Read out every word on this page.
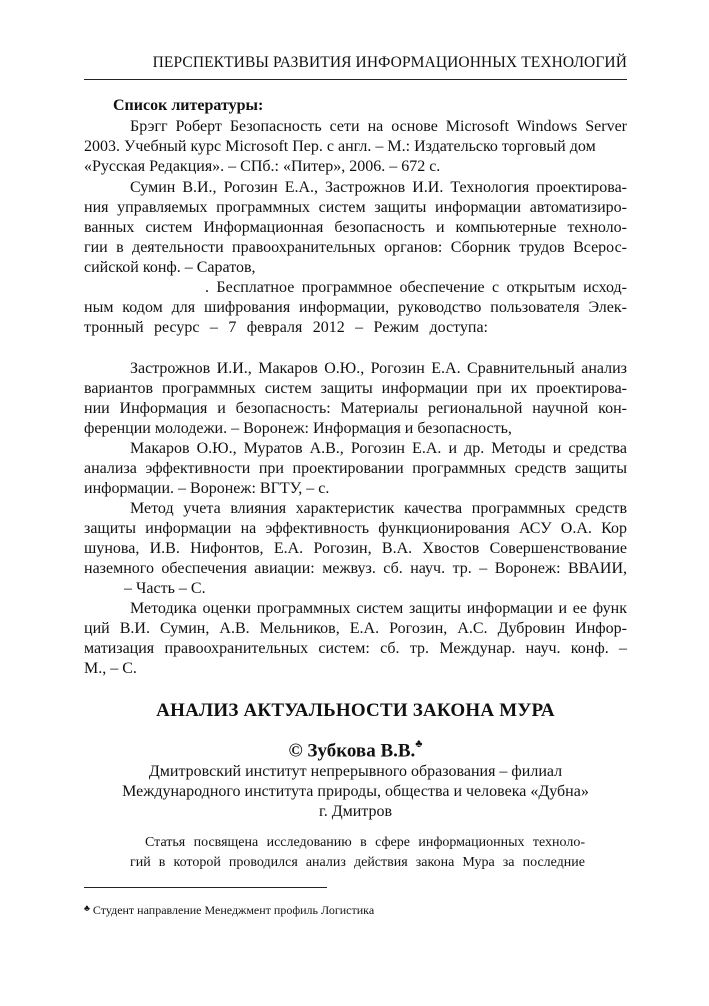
ПЕРСПЕКТИВЫ РАЗВИТИЯ ИНФОРМАЦИОННЫХ ТЕХНОЛОГИЙ
Список литературы:
Брэгг Роберт Безопасность сети на основе Microsoft Windows Server
2003. Учебный курс Microsoft Пер. с англ. – М.: Издательско торговый дом
«Русская Редакция». – СПб.: «Питер», 2006. – 672 с.
Сумин В.И., Рогозин Е.А., Застрожнов И.И. Технология проектирова-
ния управляемых программных систем защиты информации автоматизиро-
ванных систем Информационная безопасность и компьютерные техноло-
гии в деятельности правоохранительных органов: Сборник трудов Всерос-
сийской конф. – Саратов,
. Бесплатное программное обеспечение с открытым исход-
ным кодом для шифрования информации, руководство пользователя Элек-
тронный ресурс – 7 февраля 2012 – Режим доступа:
Застрожнов И.И., Макаров О.Ю., Рогозин Е.А. Сравнительный анализ
вариантов программных систем защиты информации при их проектирова-
нии Информация и безопасность: Материалы региональной научной кон-
ференции молодежи. – Воронеж: Информация и безопасность,
Макаров О.Ю., Муратов А.В., Рогозин Е.А. и др. Методы и средства
анализа эффективности при проектировании программных средств защиты
информации. – Воронеж: ВГТУ, – с.
Метод учета влияния характеристик качества программных средств
защиты информации на эффективность функционирования АСУ О.А. Кор
шунова, И.В. Нифонтов, Е.А. Рогозин, В.А. Хвостов Совершенствование
наземного обеспечения авиации: межвуз. сб. науч. тр. – Воронеж: ВВАИИ,
– Часть – С.
Методика оценки программных систем защиты информации и ее функ
ций В.И. Сумин, А.В. Мельников, Е.А. Рогозин, А.С. Дубровин Инфор-
матизация правоохранительных систем: сб. тр. Междунар. науч. конф. –
М., – С.
АНАЛИЗ АКТУАЛЬНОСТИ ЗАКОНА МУРА
© Зубкова В.В.♣
Дмитровский институт непрерывного образования – филиал
Международного института природы, общества и человека «Дубна»
г. Дмитров
Статья посвящена исследованию в сфере информационных техноло-
гий в которой проводился анализ действия закона Мура за последние
♣ Студент направление Менеджмент профиль Логистика
